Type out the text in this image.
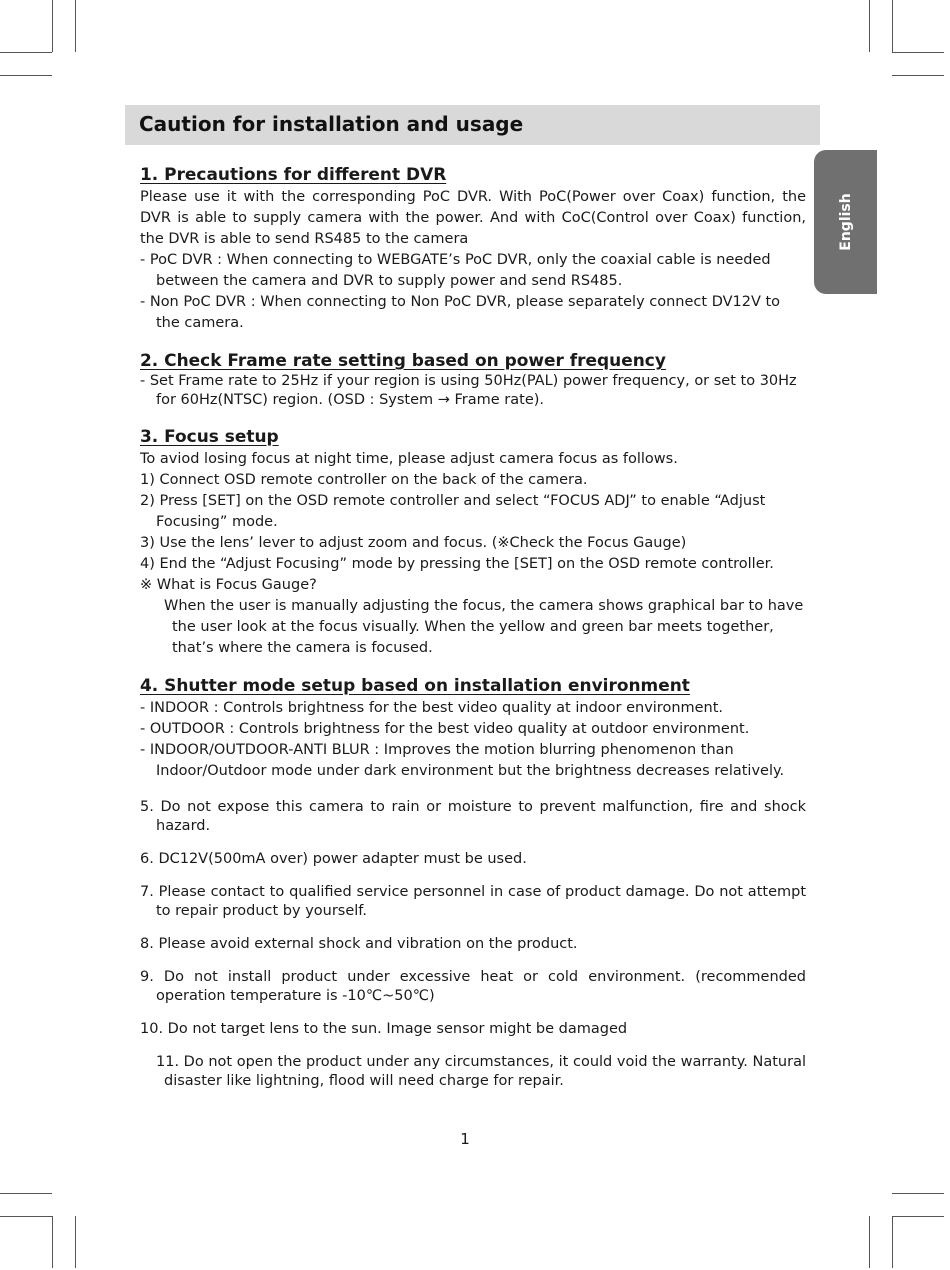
Caution for installation and usage
English
1. Precautions for different DVR

Please use it with the corresponding PoC DVR. With PoC(Power over Coax) function, the DVR is able to supply camera with the power. And with CoC(Control over Coax) function, the DVR is able to send RS485 to the camera

- PoC DVR : When connecting to WEBGATE’s PoC DVR, only the coaxial cable is needed between the camera and DVR to supply power and send RS485.

- Non PoC DVR : When connecting to Non PoC DVR, please separately connect DV12V to the camera.

2. Check Frame rate setting based on power frequency

- Set Frame rate to 25Hz if your region is using 50Hz(PAL) power frequency, or set to 30Hz for 60Hz(NTSC) region. (OSD : System → Frame rate).

3. Focus setup

To aviod losing focus at night time, please adjust camera focus as follows.

1) Connect OSD remote controller on the back of the camera.

2) Press [SET] on the OSD remote controller and select “FOCUS ADJ” to enable “Adjust Focusing” mode.

3) Use the lens’ lever to adjust zoom and focus. (※Check the Focus Gauge)

4) End the “Adjust Focusing” mode by pressing the [SET] on the OSD remote controller.

※ What is Focus Gauge?

When the user is manually adjusting the focus, the camera shows graphical bar to have the user look at the focus visually. When the yellow and green bar meets together, that’s where the camera is focused.

4. Shutter mode setup based on installation environment

- INDOOR : Controls brightness for the best video quality at indoor environment.

- OUTDOOR : Controls brightness for the best video quality at outdoor environment.

- INDOOR/OUTDOOR-ANTI BLUR : Improves the motion blurring phenomenon than Indoor/Outdoor mode under dark environment but the brightness decreases relatively.

5. Do not expose this camera to rain or moisture to prevent malfunction, fire and shock hazard.

6. DC12V(500mA over) power adapter must be used.

7. Please contact to qualified service personnel in case of product damage. Do not attempt to repair product by yourself.

8. Please avoid external shock and vibration on the product.

9. Do not install product under excessive heat or cold environment. (recommended operation temperature is -10℃~50℃)

10. Do not target lens to the sun. Image sensor might be damaged

11. Do not open the product under any circumstances, it could void the warranty. Natural disaster like lightning, flood will need charge for repair.

1
